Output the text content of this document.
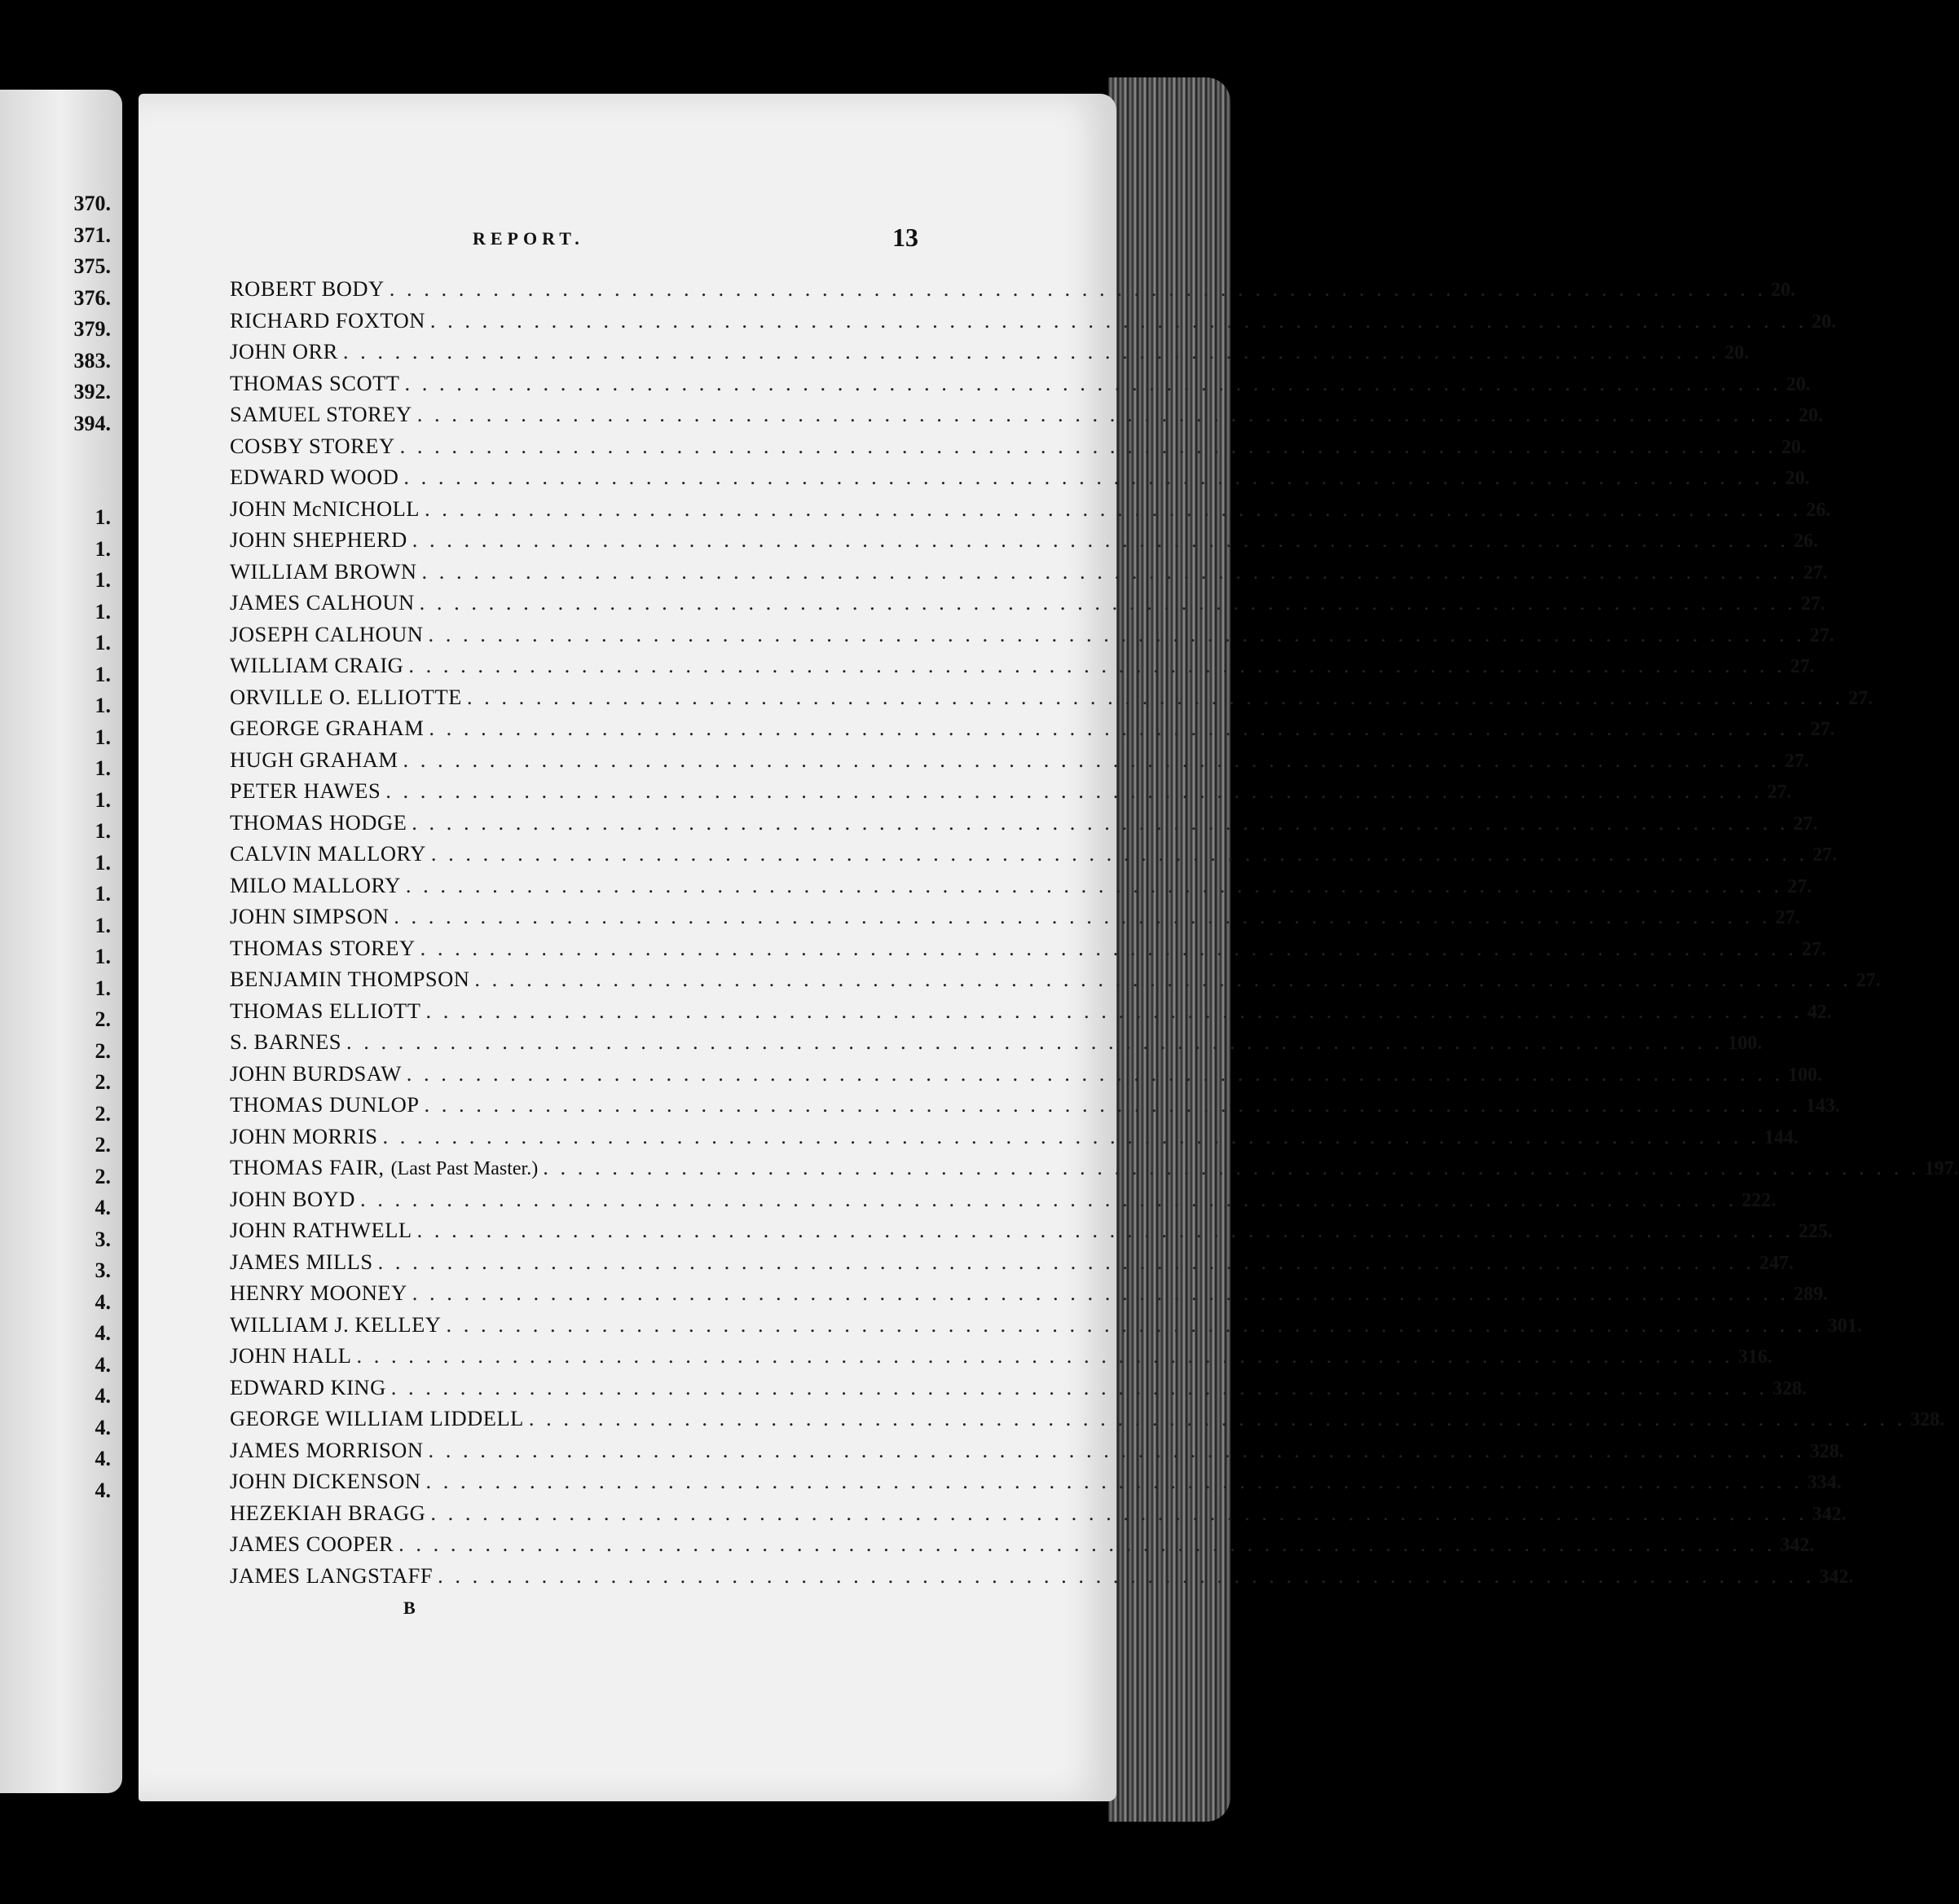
370.
371.
375.
376.
379.
383.
392.
394.
1.
1.
1.
1.
1.
1.
1.
1.
1.
1.
1.
1.
1.
1.
1.
1.
2.
2.
2.
2.
2.
2.
4.
3.
3.
4.
4.
4.
4.
4.
4.
4.
REPORT.	13
ROBERT BODY . . . . . . . . . . . . . . . . . . . . . . . . . . . . . . . . . . . . . . . . . . . . . . . . . . . . . . . . . . . . . . . . . . . . . . . . . . . . . . . . 20.
RICHARD FOXTON . . . . . . . . . . . . . . . . . . . . . . . . . . . . . . . . . . . . . . . . . . . . . . . . . . . . . . . . . . . . . . . . . . . . . . . . . . . . . . . . 20.
JOHN ORR . . . . . . . . . . . . . . . . . . . . . . . . . . . . . . . . . . . . . . . . . . . . . . . . . . . . . . . . . . . . . . . . . . . . . . . . . . . . . . . . 20.
THOMAS SCOTT . . . . . . . . . . . . . . . . . . . . . . . . . . . . . . . . . . . . . . . . . . . . . . . . . . . . . . . . . . . . . . . . . . . . . . . . . . . . . . . . 20.
SAMUEL STOREY . . . . . . . . . . . . . . . . . . . . . . . . . . . . . . . . . . . . . . . . . . . . . . . . . . . . . . . . . . . . . . . . . . . . . . . . . . . . . . . . 20.
COSBY STOREY . . . . . . . . . . . . . . . . . . . . . . . . . . . . . . . . . . . . . . . . . . . . . . . . . . . . . . . . . . . . . . . . . . . . . . . . . . . . . . . . 20.
EDWARD WOOD . . . . . . . . . . . . . . . . . . . . . . . . . . . . . . . . . . . . . . . . . . . . . . . . . . . . . . . . . . . . . . . . . . . . . . . . . . . . . . . . 20.
JOHN McNICHOLL . . . . . . . . . . . . . . . . . . . . . . . . . . . . . . . . . . . . . . . . . . . . . . . . . . . . . . . . . . . . . . . . . . . . . . . . . . . . . . . . 26.
JOHN SHEPHERD . . . . . . . . . . . . . . . . . . . . . . . . . . . . . . . . . . . . . . . . . . . . . . . . . . . . . . . . . . . . . . . . . . . . . . . . . . . . . . . . 26.
WILLIAM BROWN . . . . . . . . . . . . . . . . . . . . . . . . . . . . . . . . . . . . . . . . . . . . . . . . . . . . . . . . . . . . . . . . . . . . . . . . . . . . . . . . 27.
JAMES CALHOUN . . . . . . . . . . . . . . . . . . . . . . . . . . . . . . . . . . . . . . . . . . . . . . . . . . . . . . . . . . . . . . . . . . . . . . . . . . . . . . . . 27.
JOSEPH CALHOUN . . . . . . . . . . . . . . . . . . . . . . . . . . . . . . . . . . . . . . . . . . . . . . . . . . . . . . . . . . . . . . . . . . . . . . . . . . . . . . . . 27.
WILLIAM CRAIG . . . . . . . . . . . . . . . . . . . . . . . . . . . . . . . . . . . . . . . . . . . . . . . . . . . . . . . . . . . . . . . . . . . . . . . . . . . . . . . . 27.
ORVILLE O. ELLIOTTE . . . . . . . . . . . . . . . . . . . . . . . . . . . . . . . . . . . . . . . . . . . . . . . . . . . . . . . . . . . . . . . . . . . . . . . . . . . . . . . . 27.
GEORGE GRAHAM . . . . . . . . . . . . . . . . . . . . . . . . . . . . . . . . . . . . . . . . . . . . . . . . . . . . . . . . . . . . . . . . . . . . . . . . . . . . . . . . 27.
HUGH GRAHAM . . . . . . . . . . . . . . . . . . . . . . . . . . . . . . . . . . . . . . . . . . . . . . . . . . . . . . . . . . . . . . . . . . . . . . . . . . . . . . . . 27.
PETER HAWES . . . . . . . . . . . . . . . . . . . . . . . . . . . . . . . . . . . . . . . . . . . . . . . . . . . . . . . . . . . . . . . . . . . . . . . . . . . . . . . . 27.
THOMAS HODGE . . . . . . . . . . . . . . . . . . . . . . . . . . . . . . . . . . . . . . . . . . . . . . . . . . . . . . . . . . . . . . . . . . . . . . . . . . . . . . . . 27.
CALVIN MALLORY . . . . . . . . . . . . . . . . . . . . . . . . . . . . . . . . . . . . . . . . . . . . . . . . . . . . . . . . . . . . . . . . . . . . . . . . . . . . . . . . 27.
MILO MALLORY . . . . . . . . . . . . . . . . . . . . . . . . . . . . . . . . . . . . . . . . . . . . . . . . . . . . . . . . . . . . . . . . . . . . . . . . . . . . . . . . 27.
JOHN SIMPSON . . . . . . . . . . . . . . . . . . . . . . . . . . . . . . . . . . . . . . . . . . . . . . . . . . . . . . . . . . . . . . . . . . . . . . . . . . . . . . . . 27.
THOMAS STOREY . . . . . . . . . . . . . . . . . . . . . . . . . . . . . . . . . . . . . . . . . . . . . . . . . . . . . . . . . . . . . . . . . . . . . . . . . . . . . . . . 27.
BENJAMIN THOMPSON . . . . . . . . . . . . . . . . . . . . . . . . . . . . . . . . . . . . . . . . . . . . . . . . . . . . . . . . . . . . . . . . . . . . . . . . . . . . . . . . 27.
THOMAS ELLIOTT . . . . . . . . . . . . . . . . . . . . . . . . . . . . . . . . . . . . . . . . . . . . . . . . . . . . . . . . . . . . . . . . . . . . . . . . . . . . . . . . 42.
S. BARNES . . . . . . . . . . . . . . . . . . . . . . . . . . . . . . . . . . . . . . . . . . . . . . . . . . . . . . . . . . . . . . . . . . . . . . . . . . . . . . . . 100.
JOHN BURDSAW . . . . . . . . . . . . . . . . . . . . . . . . . . . . . . . . . . . . . . . . . . . . . . . . . . . . . . . . . . . . . . . . . . . . . . . . . . . . . . . . 100.
THOMAS DUNLOP . . . . . . . . . . . . . . . . . . . . . . . . . . . . . . . . . . . . . . . . . . . . . . . . . . . . . . . . . . . . . . . . . . . . . . . . . . . . . . . . 143.
JOHN MORRIS . . . . . . . . . . . . . . . . . . . . . . . . . . . . . . . . . . . . . . . . . . . . . . . . . . . . . . . . . . . . . . . . . . . . . . . . . . . . . . . . 144.
THOMAS FAIR, (Last Past Master.) . . . . . . . . . . . . . . . . . . . . . . . . . . . . . . . . . . . . . . . . . . . . . . . . . . . . . . . . . . . . . . . . . . . . . . . . . . . . . . . . 197.
JOHN BOYD . . . . . . . . . . . . . . . . . . . . . . . . . . . . . . . . . . . . . . . . . . . . . . . . . . . . . . . . . . . . . . . . . . . . . . . . . . . . . . . . 222.
JOHN RATHWELL . . . . . . . . . . . . . . . . . . . . . . . . . . . . . . . . . . . . . . . . . . . . . . . . . . . . . . . . . . . . . . . . . . . . . . . . . . . . . . . . 225.
JAMES MILLS . . . . . . . . . . . . . . . . . . . . . . . . . . . . . . . . . . . . . . . . . . . . . . . . . . . . . . . . . . . . . . . . . . . . . . . . . . . . . . . . 247.
HENRY MOONEY . . . . . . . . . . . . . . . . . . . . . . . . . . . . . . . . . . . . . . . . . . . . . . . . . . . . . . . . . . . . . . . . . . . . . . . . . . . . . . . . 289.
WILLIAM J. KELLEY . . . . . . . . . . . . . . . . . . . . . . . . . . . . . . . . . . . . . . . . . . . . . . . . . . . . . . . . . . . . . . . . . . . . . . . . . . . . . . . . 301.
JOHN HALL . . . . . . . . . . . . . . . . . . . . . . . . . . . . . . . . . . . . . . . . . . . . . . . . . . . . . . . . . . . . . . . . . . . . . . . . . . . . . . . . 316.
EDWARD KING . . . . . . . . . . . . . . . . . . . . . . . . . . . . . . . . . . . . . . . . . . . . . . . . . . . . . . . . . . . . . . . . . . . . . . . . . . . . . . . . 328.
GEORGE WILLIAM LIDDELL . . . . . . . . . . . . . . . . . . . . . . . . . . . . . . . . . . . . . . . . . . . . . . . . . . . . . . . . . . . . . . . . . . . . . . . . . . . . . . . . 328.
JAMES MORRISON . . . . . . . . . . . . . . . . . . . . . . . . . . . . . . . . . . . . . . . . . . . . . . . . . . . . . . . . . . . . . . . . . . . . . . . . . . . . . . . . 328.
JOHN DICKENSON . . . . . . . . . . . . . . . . . . . . . . . . . . . . . . . . . . . . . . . . . . . . . . . . . . . . . . . . . . . . . . . . . . . . . . . . . . . . . . . . 334.
HEZEKIAH BRAGG . . . . . . . . . . . . . . . . . . . . . . . . . . . . . . . . . . . . . . . . . . . . . . . . . . . . . . . . . . . . . . . . . . . . . . . . . . . . . . . . 342.
JAMES COOPER . . . . . . . . . . . . . . . . . . . . . . . . . . . . . . . . . . . . . . . . . . . . . . . . . . . . . . . . . . . . . . . . . . . . . . . . . . . . . . . . 342.
JAMES LANGSTAFF . . . . . . . . . . . . . . . . . . . . . . . . . . . . . . . . . . . . . . . . . . . . . . . . . . . . . . . . . . . . . . . . . . . . . . . . . . . . . . . . 342.
B
